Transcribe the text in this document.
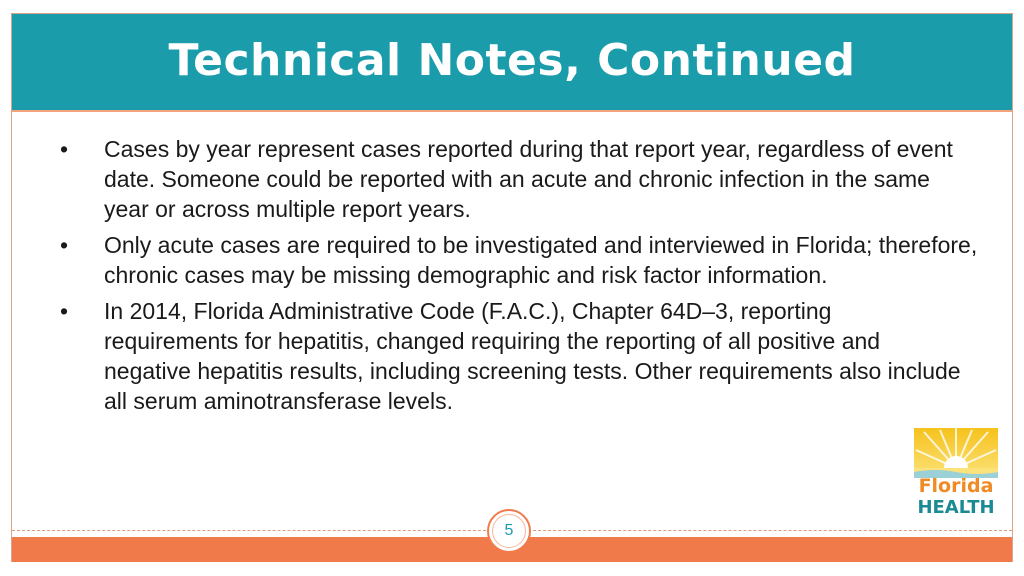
Technical Notes, Continued
•	Cases by year represent cases reported during that report year, regardless of event date. Someone could be reported with an acute and chronic infection in the same year or across multiple report years.
•	Only acute cases are required to be investigated and interviewed in Florida; therefore, chronic cases may be missing demographic and risk factor information.
•	In 2014, Florida Administrative Code (F.A.C.), Chapter 64D–3, reporting requirements for hepatitis, changed requiring the reporting of all positive and negative hepatitis results, including screening tests. Other requirements also include all serum aminotransferase levels.
Florida
HEALTH
5
